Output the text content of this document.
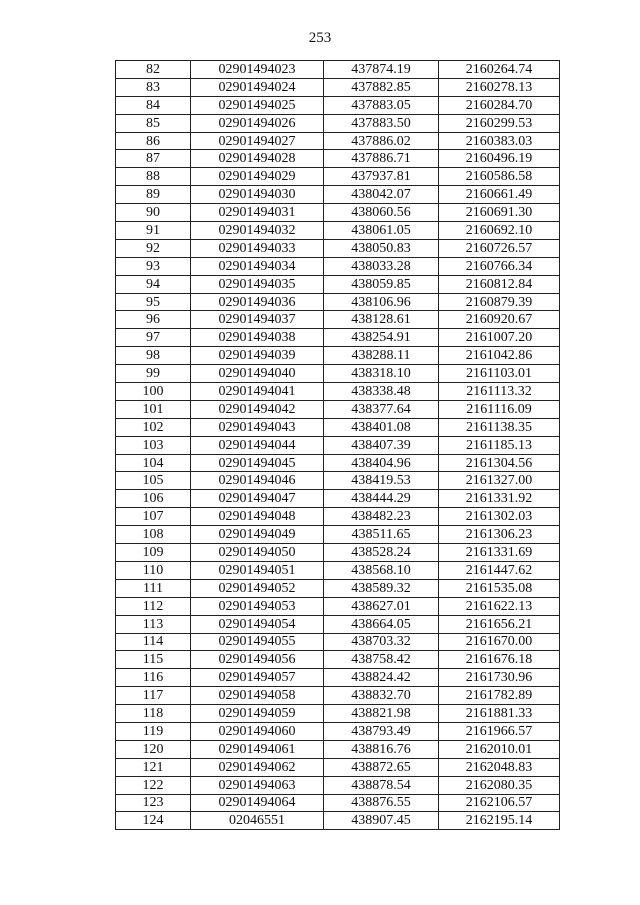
253
82	02901494023	437874.19	2160264.74
83	02901494024	437882.85	2160278.13
84	02901494025	437883.05	2160284.70
85	02901494026	437883.50	2160299.53
86	02901494027	437886.02	2160383.03
87	02901494028	437886.71	2160496.19
88	02901494029	437937.81	2160586.58
89	02901494030	438042.07	2160661.49
90	02901494031	438060.56	2160691.30
91	02901494032	438061.05	2160692.10
92	02901494033	438050.83	2160726.57
93	02901494034	438033.28	2160766.34
94	02901494035	438059.85	2160812.84
95	02901494036	438106.96	2160879.39
96	02901494037	438128.61	2160920.67
97	02901494038	438254.91	2161007.20
98	02901494039	438288.11	2161042.86
99	02901494040	438318.10	2161103.01
100	02901494041	438338.48	2161113.32
101	02901494042	438377.64	2161116.09
102	02901494043	438401.08	2161138.35
103	02901494044	438407.39	2161185.13
104	02901494045	438404.96	2161304.56
105	02901494046	438419.53	2161327.00
106	02901494047	438444.29	2161331.92
107	02901494048	438482.23	2161302.03
108	02901494049	438511.65	2161306.23
109	02901494050	438528.24	2161331.69
110	02901494051	438568.10	2161447.62
111	02901494052	438589.32	2161535.08
112	02901494053	438627.01	2161622.13
113	02901494054	438664.05	2161656.21
114	02901494055	438703.32	2161670.00
115	02901494056	438758.42	2161676.18
116	02901494057	438824.42	2161730.96
117	02901494058	438832.70	2161782.89
118	02901494059	438821.98	2161881.33
119	02901494060	438793.49	2161966.57
120	02901494061	438816.76	2162010.01
121	02901494062	438872.65	2162048.83
122	02901494063	438878.54	2162080.35
123	02901494064	438876.55	2162106.57
124	02046551	438907.45	2162195.14
